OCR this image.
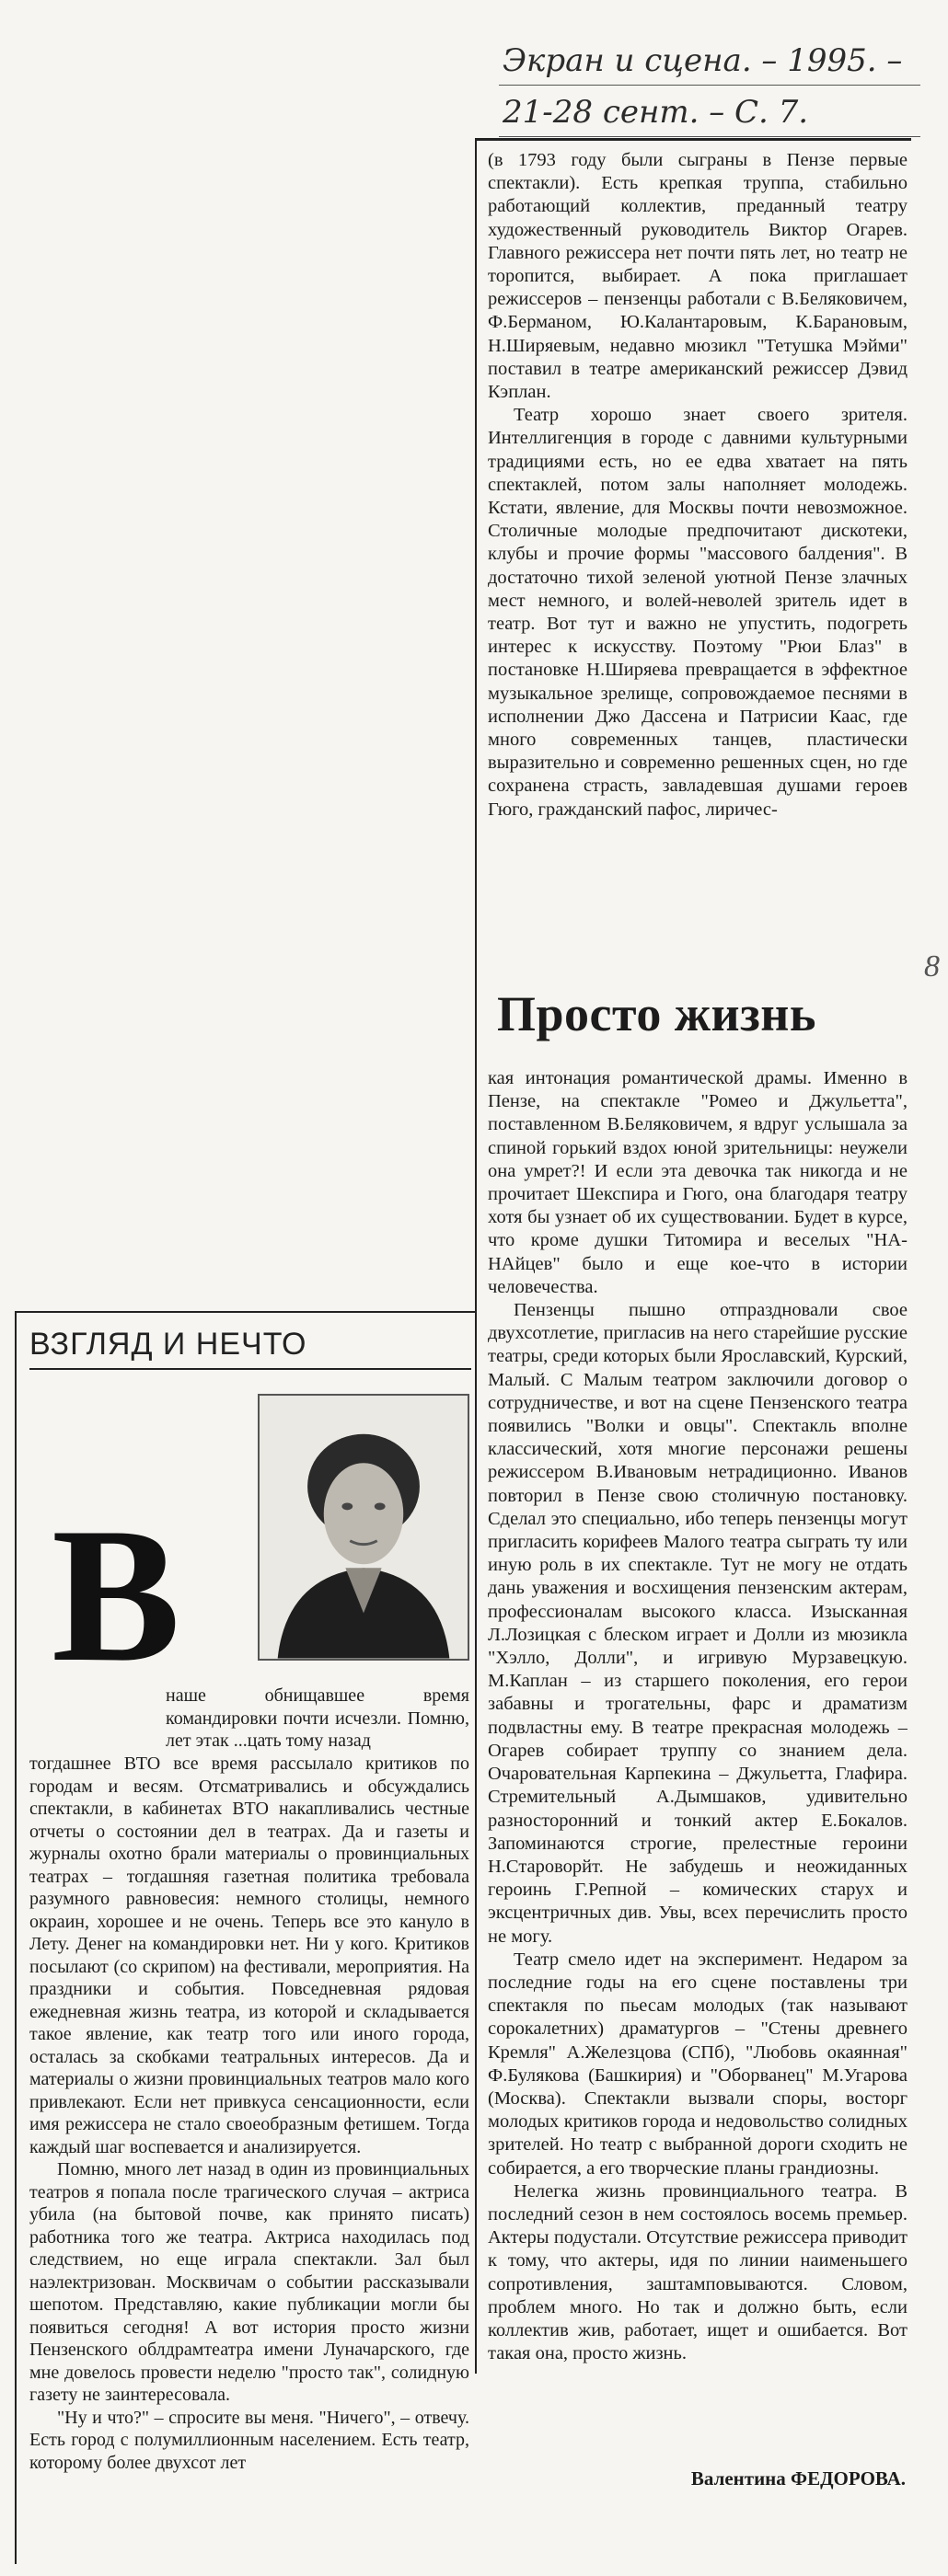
Экран и сцена. – 1995. –
21-28 сент. – С. 7.

(в 1793 году были сыграны в Пензе первые спектакли). Есть крепкая труппа, стабильно работающий коллектив, преданный театру художественный руководитель Виктор Огарев. Главного режиссера нет почти пять лет, но театр не торопится, выбирает. А пока приглашает режиссеров – пензенцы работали с В.Беляковичем, Ф.Берманом, Ю.Калантаровым, К.Барановым, Н.Ширяевым, недавно мюзикл "Тетушка Мэйми" поставил в театре американский режиссер Дэвид Кэплан.

Театр хорошо знает своего зрителя. Интеллигенция в городе с давними культурными традициями есть, но ее едва хватает на пять спектаклей, потом залы наполняет молодежь. Кстати, явление, для Москвы почти невозможное. Столичные молодые предпочитают дискотеки, клубы и прочие формы "массового балдения". В достаточно тихой зеленой уютной Пензе злачных мест немного, и волей-неволей зритель идет в театр. Вот тут и важно не упустить, подогреть интерес к искусству. Поэтому "Рюи Блаз" в постановке Н.Ширяева превращается в эффектное музыкальное зрелище, сопровождаемое песнями в исполнении Джо Дассена и Патрисии Каас, где много современных танцев, пластически выразительно и современно решенных сцен, но где сохранена страсть, завладевшая душами героев Гюго, гражданский пафос, лиричес-

Просто жизнь

кая интонация романтической драмы. Именно в Пензе, на спектакле "Ромео и Джульетта", поставленном В.Беляковичем, я вдруг услышала за спиной горький вздох юной зрительницы: неужели она умрет?! И если эта девочка так никогда и не прочитает Шекспира и Гюго, она благодаря театру хотя бы узнает об их существовании. Будет в курсе, что кроме душки Титомира и веселых "НА-НАйцев" было и еще кое-что в истории человечества.

Пензенцы пышно отпраздновали свое двухсотлетие, пригласив на него старейшие русские театры, среди которых были Ярославский, Курский, Малый. С Малым театром заключили договор о сотрудничестве, и вот на сцене Пензенского театра появились "Волки и овцы". Спектакль вполне классический, хотя многие персонажи решены режиссером В.Ивановым нетрадиционно. Иванов повторил в Пензе свою столичную постановку. Сделал это специально, ибо теперь пензенцы могут пригласить корифеев Малого театра сыграть ту или иную роль в их спектакле. Тут не могу не отдать дань уважения и восхищения пензенским актерам, профессионалам высокого класса. Изысканная Л.Лозицкая с блеском играет и Долли из мюзикла "Хэлло, Долли", и игривую Мурзавецкую. М.Каплан – из старшего поколения, его герои забавны и трогательны, фарс и драматизм подвластны ему. В театре прекрасная молодежь – Огарев собирает труппу со знанием дела. Очаровательная Карпекина – Джульетта, Глафира. Стремительный А.Дымшаков, удивительно разносторонний и тонкий актер Е.Бокалов. Запоминаются строгие, прелестные героини Н.Староворйт. Не забудешь и неожиданных героинь Г.Репной – комических старух и эксцентричных див. Увы, всех перечислить просто не могу.

Театр смело идет на эксперимент. Недаром за последние годы на его сцене поставлены три спектакля по пьесам молодых (так называют сорокалетних) драматургов – "Стены древнего Кремля" А.Железцова (СПб), "Любовь окаянная" Ф.Булякова (Башкирия) и "Оборванец" М.Угарова (Москва). Спектакли вызвали споры, восторг молодых критиков города и недовольство солидных зрителей. Но театр с выбранной дороги сходить не собирается, а его творческие планы грандиозны.

Нелегка жизнь провинциального театра. В последний сезон в нем состоялось восемь премьер. Актеры подустали. Отсутствие режиссера приводит к тому, что актеры, идя по линии наименьшего сопротивления, заштамповываются. Словом, проблем много. Но так и должно быть, если коллектив жив, работает, ищет и ошибается. Вот такая она, просто жизнь.

Валентина ФЕДОРОВА.
8
ВЗГЛЯД И НЕЧТО
В
наше обнищавшее время командировки почти исчезли. Помню, лет этак ...цать тому назад

тогдашнее ВТО все время рассылало критиков по городам и весям. Отсматривались и обсуждались спектакли, в кабинетах ВТО накапливались честные отчеты о состоянии дел в театрах. Да и газеты и журналы охотно брали материалы о провинциальных театрах – тогдашняя газетная политика требовала разумного равновесия: немного столицы, немного окраин, хорошее и не очень. Теперь все это кануло в Лету. Денег на командировки нет. Ни у кого. Критиков посылают (со скрипом) на фестивали, мероприятия. На праздники и события. Повседневная рядовая ежедневная жизнь театра, из которой и складывается такое явление, как театр того или иного города, осталась за скобками театральных интересов. Да и материалы о жизни провинциальных театров мало кого привлекают. Если нет привкуса сенсационности, если имя режиссера не стало своеобразным фетишем. Тогда каждый шаг воспевается и анализируется.

Помню, много лет назад в один из провинциальных театров я попала после трагического случая – актриса убила (на бытовой почве, как принято писать) работника того же театра. Актриса находилась под следствием, но еще играла спектакли. Зал был наэлектризован. Москвичам о событии рассказывали шепотом. Представляю, какие публикации могли бы появиться сегодня! А вот история просто жизни Пензенского облдрамтеатра имени Луначарского, где мне довелось провести неделю "просто так", солидную газету не заинтересовала.

"Ну и что?" – спросите вы меня. "Ничего", – отвечу. Есть город с полумиллионным населением. Есть театр, которому более двухсот лет
